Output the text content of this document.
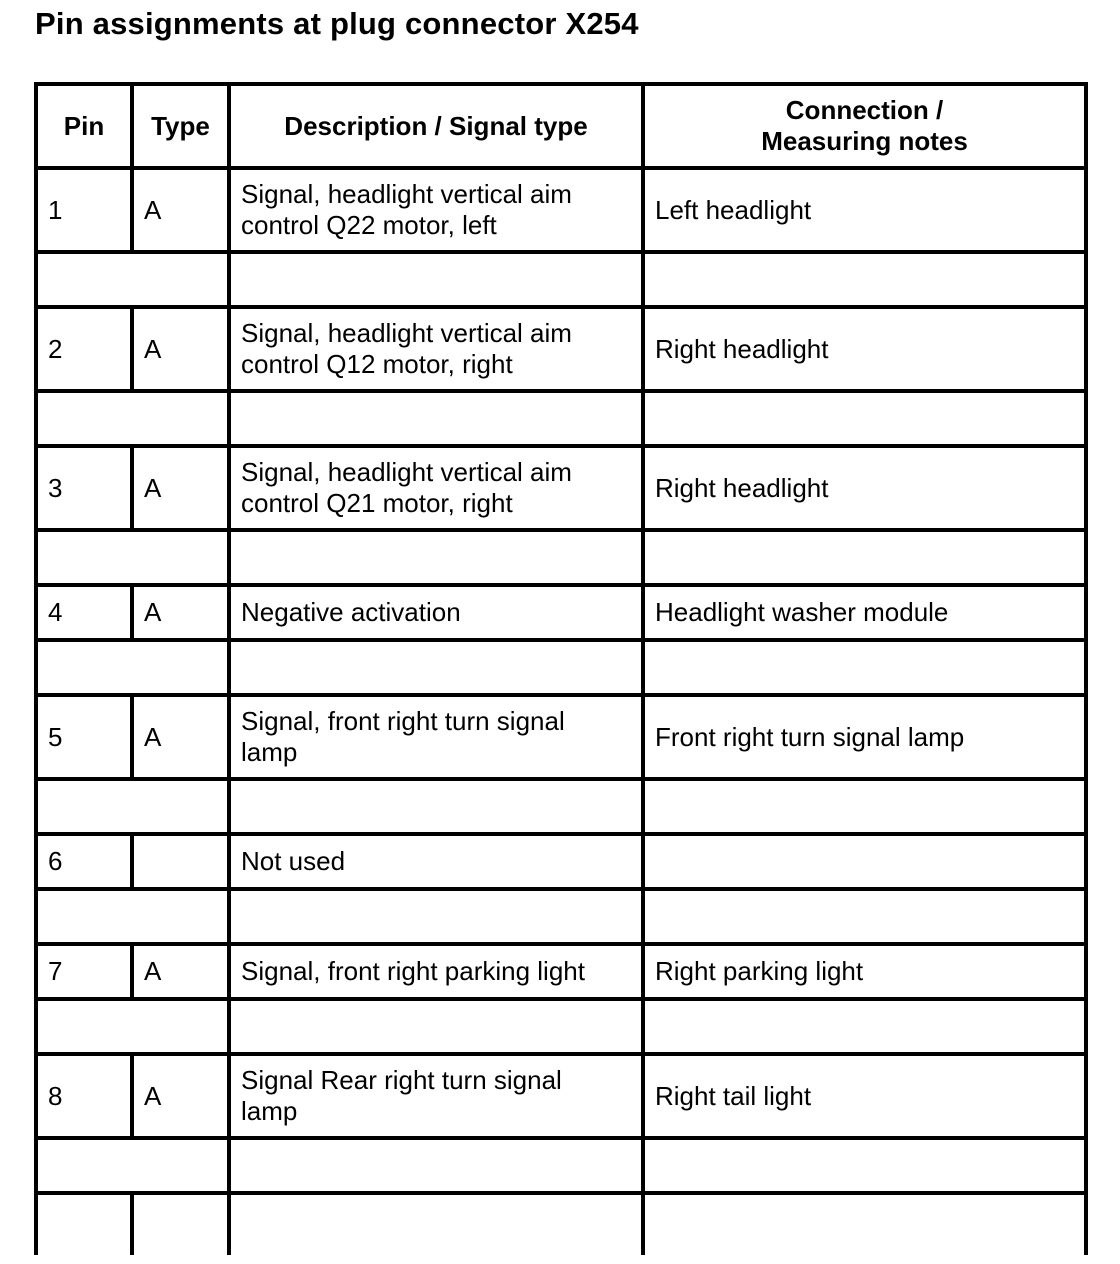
Pin assignments at plug connector X254
Pin	Type	Description / Signal type	Connection /
Measuring notes
1	A	Signal, headlight vertical aim
control Q22 motor, left	Left headlight

2	A	Signal, headlight vertical aim
control Q12 motor, right	Right headlight

3	A	Signal, headlight vertical aim
control Q21 motor, right	Right headlight

4	A	Negative activation	Headlight washer module

5	A	Signal, front right turn signal
lamp	Front right turn signal lamp

6		Not used	

7	A	Signal, front right parking light	Right parking light

8	A	Signal Rear right turn signal
lamp	Right tail light
